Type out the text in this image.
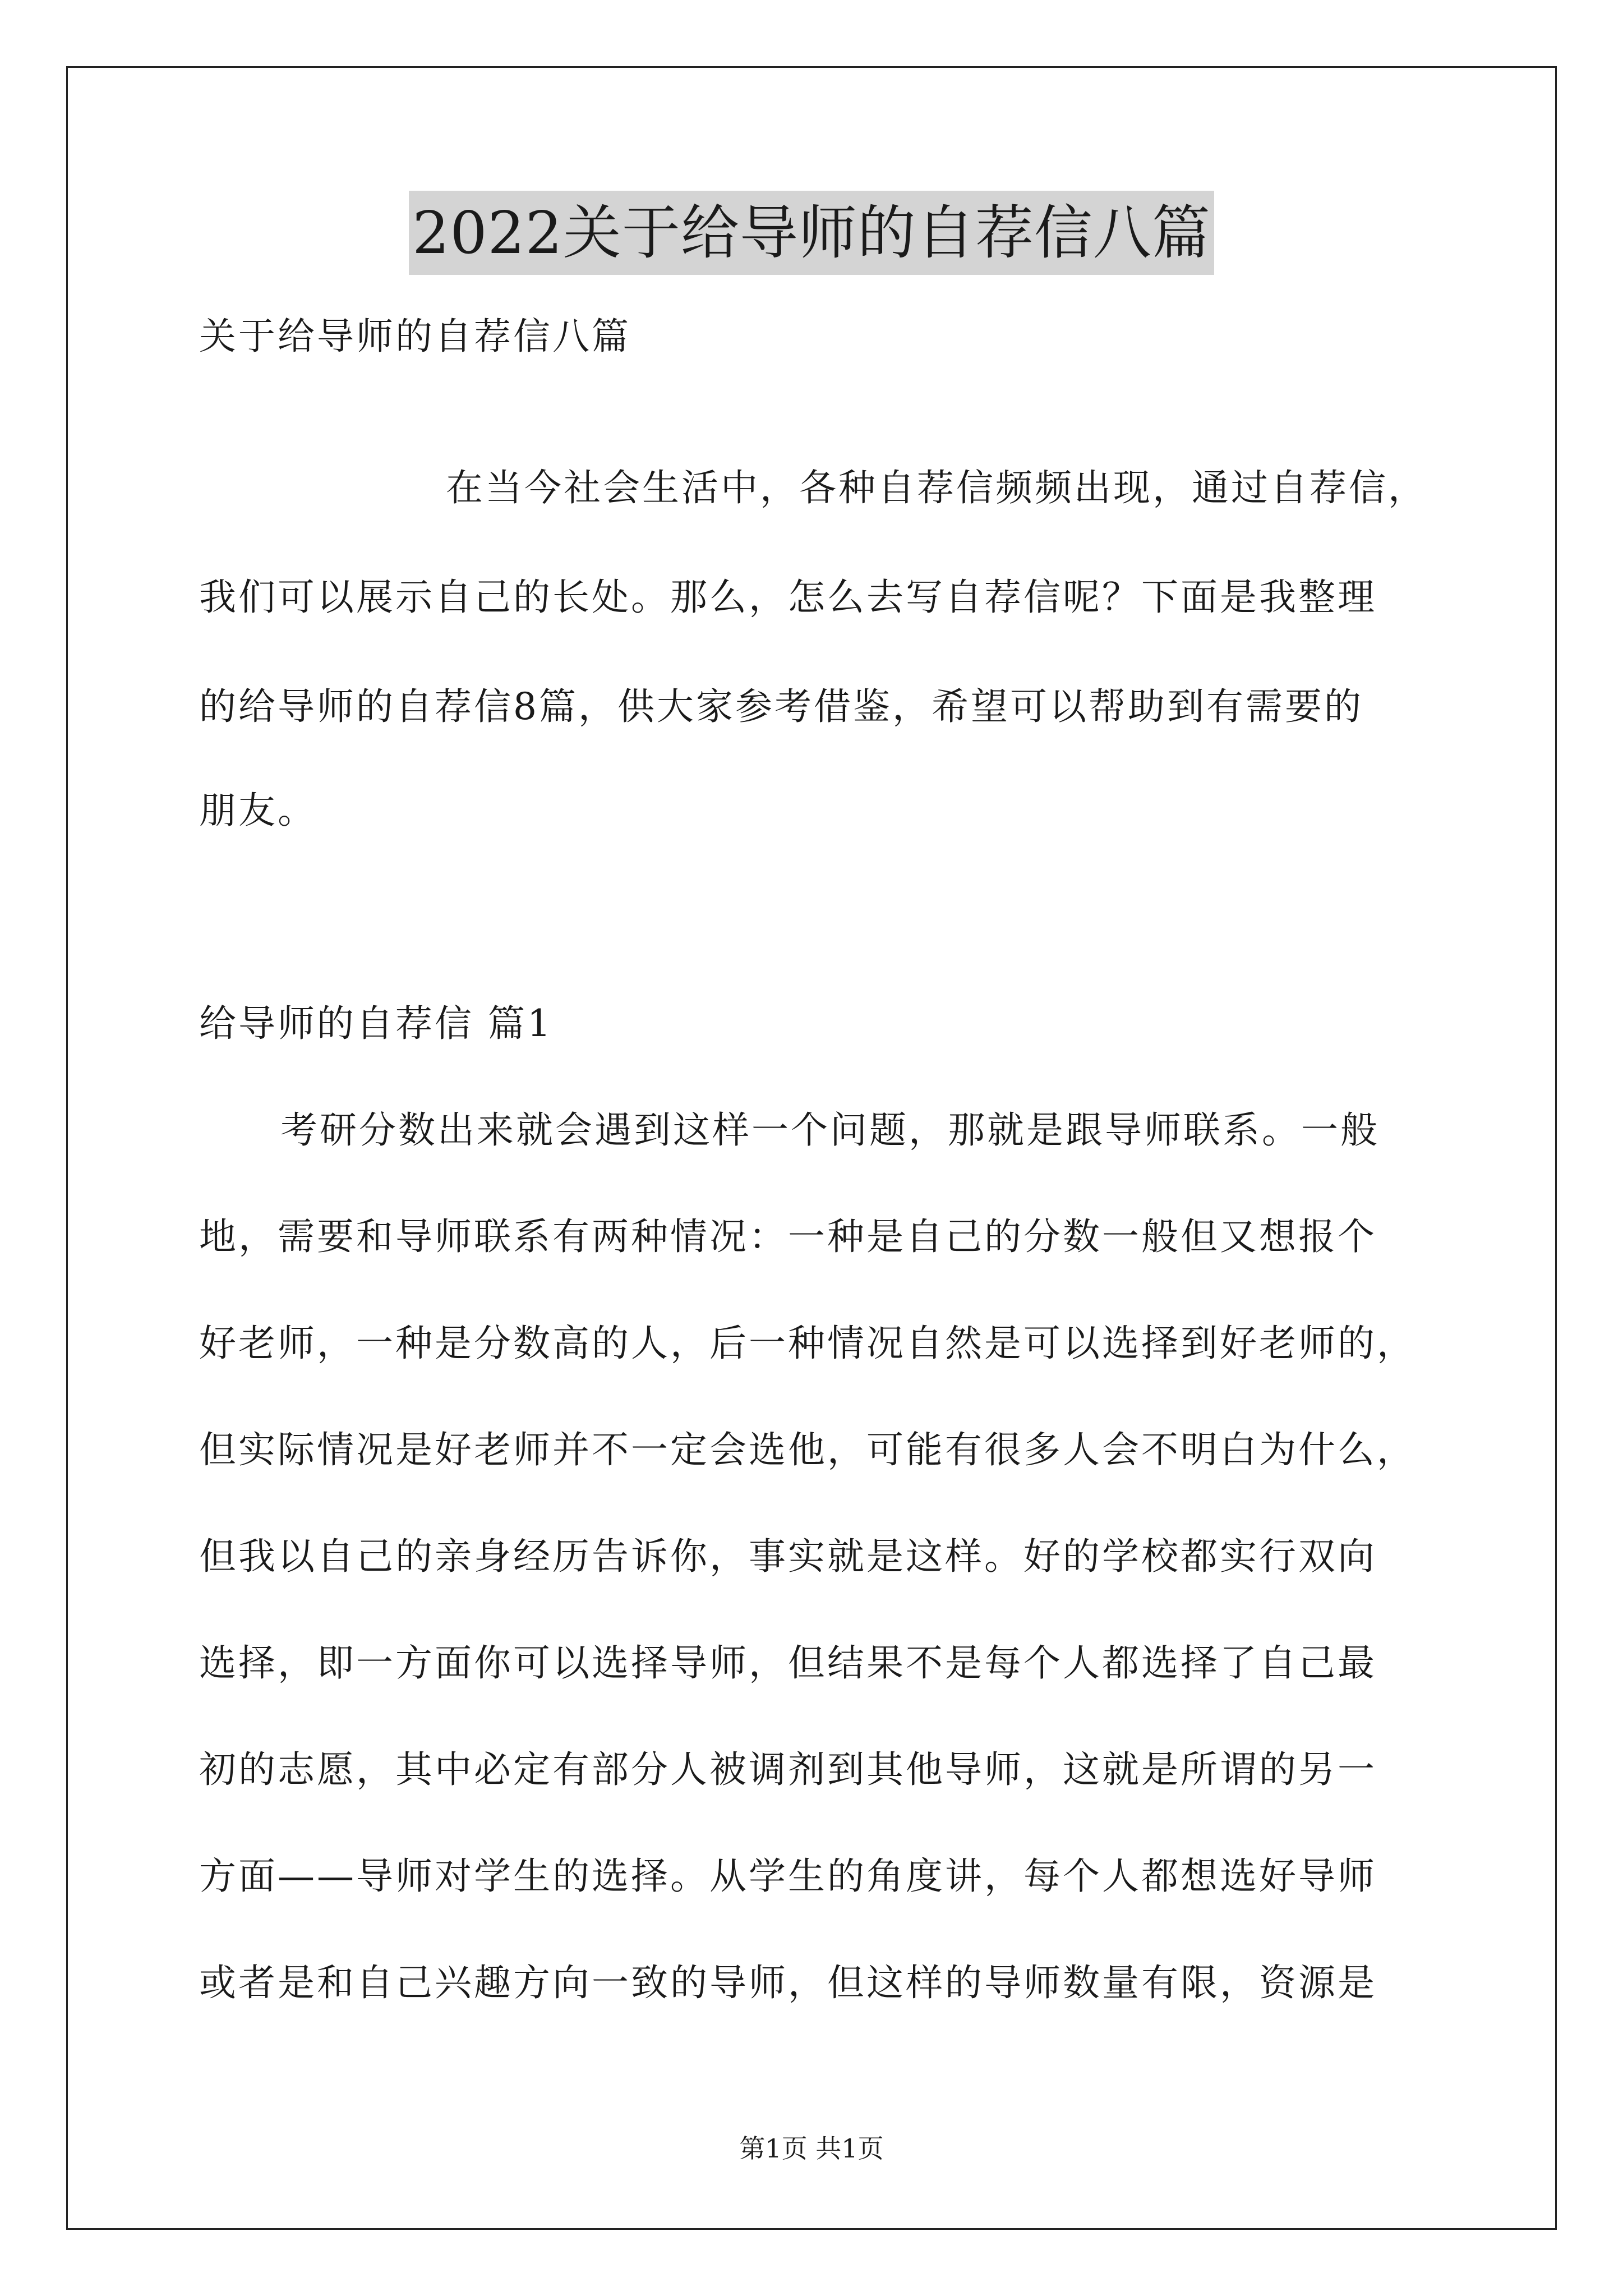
2022关于给导师的自荐信八篇
关于给导师的自荐信八篇
在当今社会生活中，各种自荐信频频出现，通过自荐信，
我们可以展示自己的长处。那么，怎么去写自荐信呢？下面是我整理
的给导师的自荐信8篇，供大家参考借鉴，希望可以帮助到有需要的
朋友。
给导师的自荐信 篇1
考研分数出来就会遇到这样一个问题，那就是跟导师联系。一般
地，需要和导师联系有两种情况：一种是自己的分数一般但又想报个
好老师，一种是分数高的人，后一种情况自然是可以选择到好老师的，
但实际情况是好老师并不一定会选他，可能有很多人会不明白为什么，
但我以自己的亲身经历告诉你，事实就是这样。好的学校都实行双向
选择，即一方面你可以选择导师，但结果不是每个人都选择了自己最
初的志愿，其中必定有部分人被调剂到其他导师，这就是所谓的另一
方面——导师对学生的选择。从学生的角度讲，每个人都想选好导师
或者是和自己兴趣方向一致的导师，但这样的导师数量有限，资源是
第1页 共1页
